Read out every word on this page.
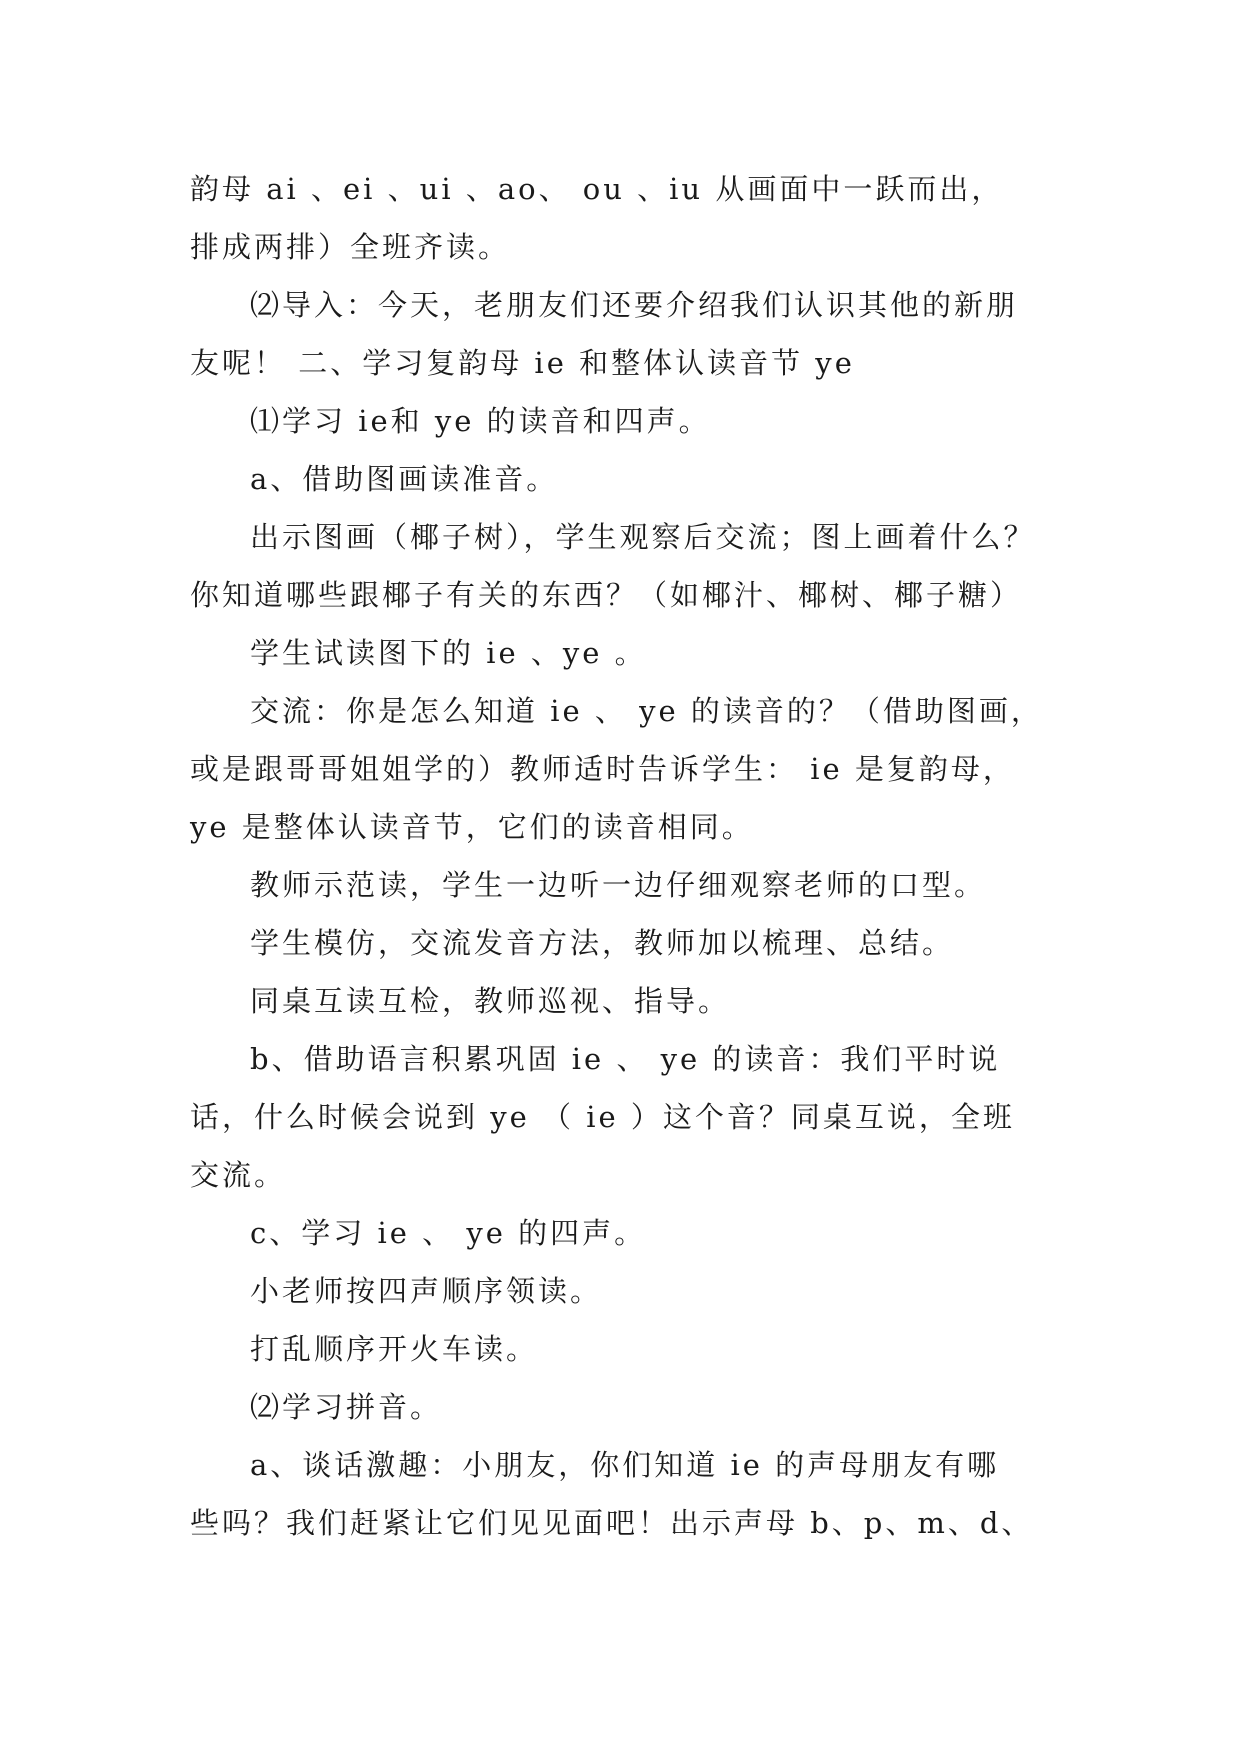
韵母 ai 、ei 、ui 、ao、 ou 、iu 从画面中一跃而出，

排成两排）全班齐读。

⑵导入：今天，老朋友们还要介绍我们认识其他的新朋

友呢！ 二、学习复韵母 ie 和整体认读音节 ye

⑴学习 ie和 ye 的读音和四声。

a、借助图画读准音。

出示图画（椰子树），学生观察后交流；图上画着什么？

你知道哪些跟椰子有关的东西？（如椰汁、椰树、椰子糖）

学生试读图下的 ie 、ye 。

交流：你是怎么知道 ie 、 ye 的读音的？（借助图画，

或是跟哥哥姐姐学的）教师适时告诉学生： ie 是复韵母，

ye 是整体认读音节，它们的读音相同。

教师示范读，学生一边听一边仔细观察老师的口型。

学生模仿，交流发音方法，教师加以梳理、总结。

同桌互读互检，教师巡视、指导。

b、借助语言积累巩固 ie 、 ye 的读音：我们平时说

话，什么时候会说到 ye （ ie ）这个音？同桌互说，全班

交流。

c、学习 ie 、 ye 的四声。

小老师按四声顺序领读。

打乱顺序开火车读。

⑵学习拼音。

a、谈话激趣：小朋友，你们知道 ie 的声母朋友有哪

些吗？我们赶紧让它们见见面吧！出示声母 b、p、m、d、
